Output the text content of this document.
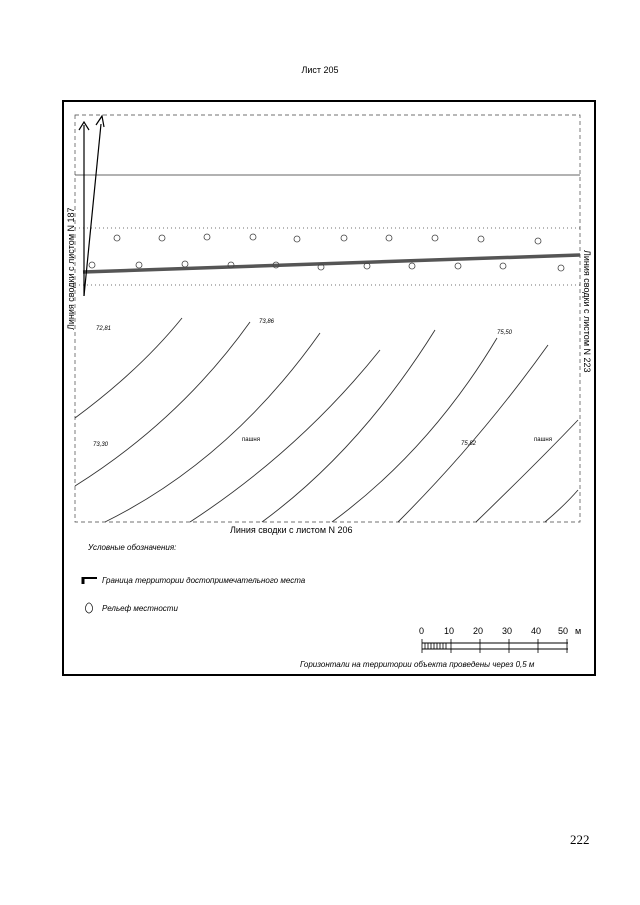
Лист 205
72,81
73,86
75,50
73,30	75,82
пашня	пашня
Линия сводки с листом N 206
Линия сводки с листом N 187	Линия сводки с листом N 223
Условные обозначения:
Граница территории достопримечательного места
Рельеф местности
0 10 20 30 40 50 м
Горизонтали на территории объекта проведены через 0,5 м
222
